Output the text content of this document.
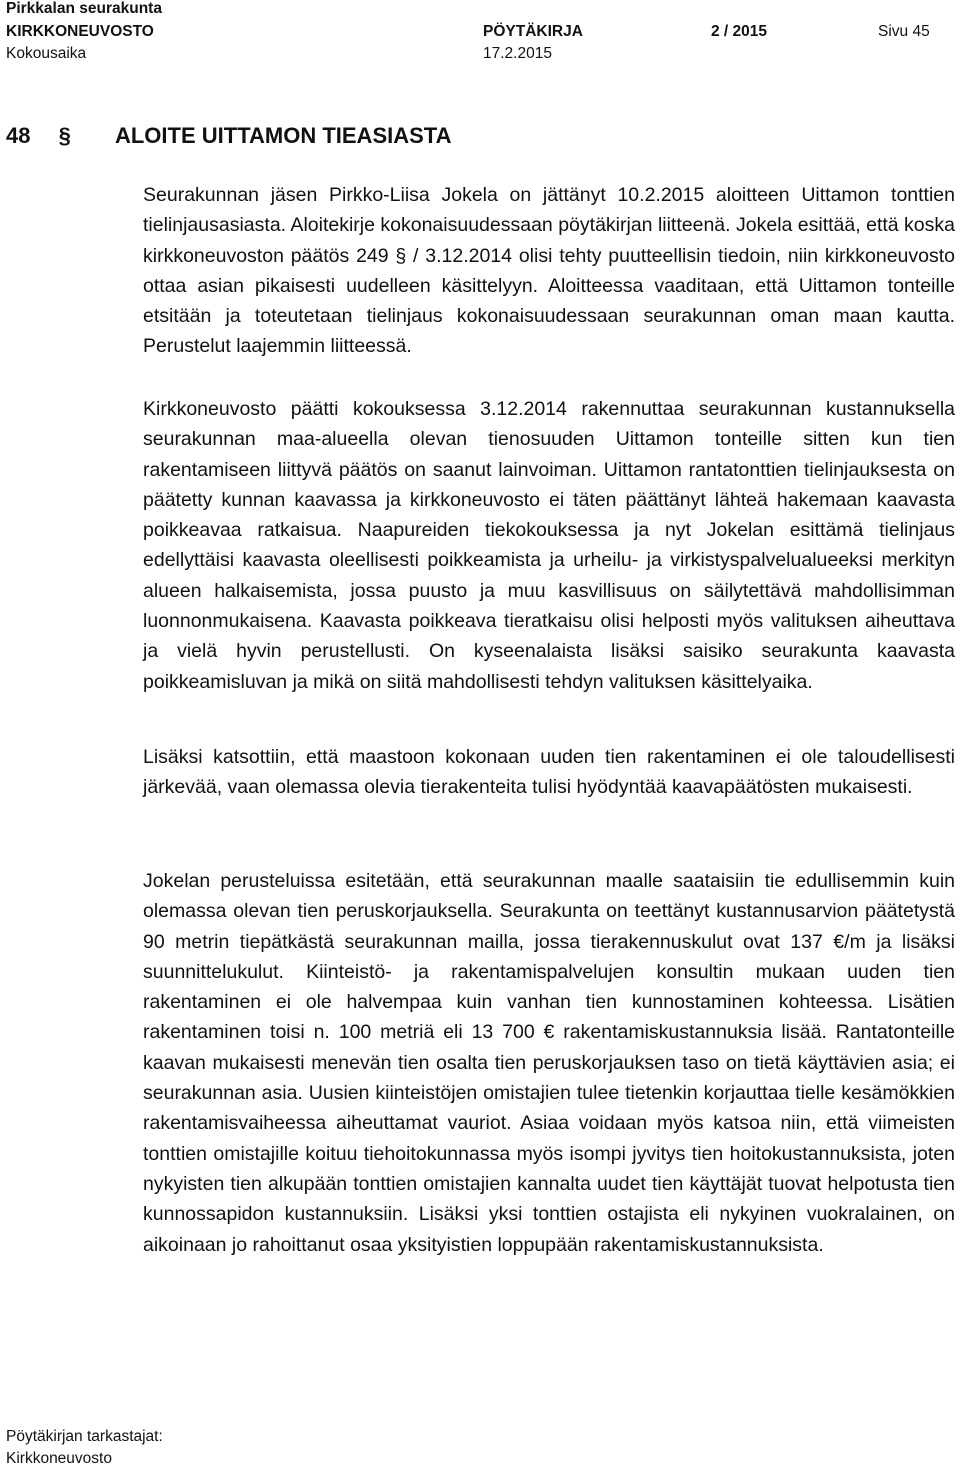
Pirkkalan seurakunta
KIRKKONEUVOSTO	PÖYTÄKIRJA	2 / 2015	Sivu 45
Kokousaika	17.2.2015
48 § ALOITE UITTAMON TIEASIASTA

Seurakunnan jäsen Pirkko-Liisa Jokela on jättänyt 10.2.2015 aloitteen Uittamon tonttien tielinjausasiasta. Aloitekirje kokonaisuudessaan pöytäkirjan liitteenä. Jokela esittää, että koska kirkkoneuvoston päätös 249 § / 3.12.2014 olisi tehty puutteellisin tiedoin, niin kirkkoneuvosto ottaa asian pikaisesti uudelleen käsittelyyn. Aloitteessa vaaditaan, että Uittamon tonteille etsitään ja toteutetaan tielinjaus kokonaisuudessaan seurakunnan oman maan kautta. Perustelut laajemmin liitteessä.

Kirkkoneuvosto päätti kokouksessa 3.12.2014 rakennuttaa seurakunnan kustannuksella seurakunnan maa-alueella olevan tienosuuden Uittamon tonteille sitten kun tien rakentamiseen liittyvä päätös on saanut lainvoiman. Uittamon rantatonttien tielinjauksesta on päätetty kunnan kaavassa ja kirkkoneuvosto ei täten päättänyt lähteä hakemaan kaavasta poikkeavaa ratkaisua. Naapureiden tiekokouksessa ja nyt Jokelan esittämä tielinjaus edellyttäisi kaavasta oleellisesti poikkeamista ja urheilu- ja virkistyspalvelualueeksi merkityn alueen halkaisemista, jossa puusto ja muu kasvillisuus on säilytettävä mahdollisimman luonnonmukaisena. Kaavasta poikkeava tieratkaisu olisi helposti myös valituksen aiheuttava ja vielä hyvin perustellusti. On kyseenalaista lisäksi saisiko seurakunta kaavasta poikkeamisluvan ja mikä on siitä mahdollisesti tehdyn valituksen käsittelyaika.

Lisäksi katsottiin, että maastoon kokonaan uuden tien rakentaminen ei ole taloudellisesti järkevää, vaan olemassa olevia tierakenteita tulisi hyödyntää kaavapäätösten mukaisesti.

Jokelan perusteluissa esitetään, että seurakunnan maalle saataisiin tie edullisemmin kuin olemassa olevan tien peruskorjauksella. Seurakunta on teettänyt kustannusarvion päätetystä 90 metrin tiepätkästä seurakunnan mailla, jossa tierakennuskulut ovat 137 €/m ja lisäksi suunnittelukulut. Kiinteistö- ja rakentamispalvelujen konsultin mukaan uuden tien rakentaminen ei ole halvempaa kuin vanhan tien kunnostaminen kohteessa. Lisätien rakentaminen toisi n. 100 metriä eli 13 700 € rakentamiskustannuksia lisää. Rantatonteille kaavan mukaisesti menevän tien osalta tien peruskorjauksen taso on tietä käyttävien asia; ei seurakunnan asia. Uusien kiinteistöjen omistajien tulee tietenkin korjauttaa tielle kesämökkien rakentamisvaiheessa aiheuttamat vauriot. Asiaa voidaan myös katsoa niin, että viimeisten tonttien omistajille koituu tiehoitokunnassa myös isompi jyvitys tien hoitokustannuksista, joten nykyisten tien alkupään tonttien omistajien kannalta uudet tien käyttäjät tuovat helpotusta tien kunnossapidon kustannuksiin. Lisäksi yksi tonttien ostajista eli nykyinen vuokralainen, on aikoinaan jo rahoittanut osaa yksityistien loppupään rakentamiskustannuksista.

Pöytäkirjan tarkastajat:
Kirkkoneuvosto
